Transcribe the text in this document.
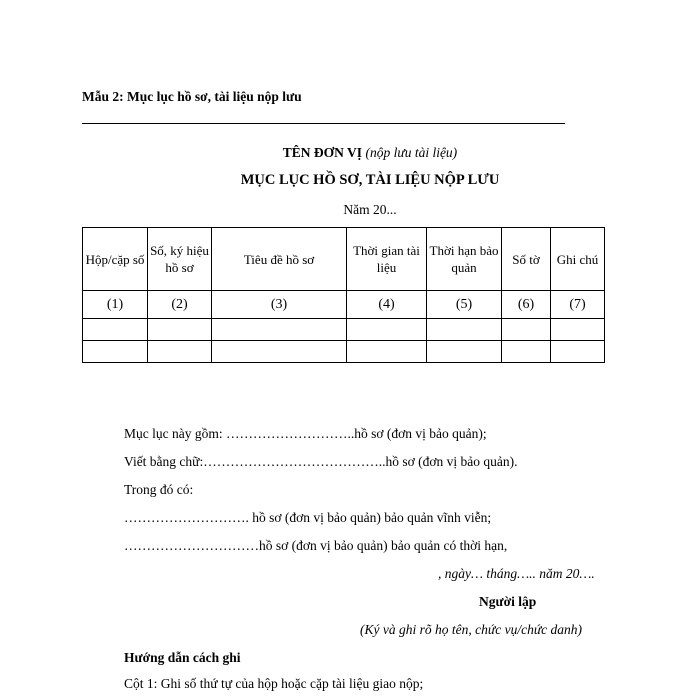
Mẫu 2: Mục lục hồ sơ, tài liệu nộp lưu
TÊN ĐƠN VỊ (nộp lưu tài liệu)
MỤC LỤC HỒ SƠ, TÀI LIỆU NỘP LƯU
Năm 20...
Hộp/cặp số	Số, ký hiệu hồ sơ	Tiêu đề hồ sơ	Thời gian tài liệu	Thời hạn bảo quản	Số tờ	Ghi chú
(1)	(2)	(3)	(4)	(5)	(6)	(7)

Mục lục này gồm: ………………………..hồ sơ (đơn vị bảo quản);
Viết bằng chữ:…………………………………..hồ sơ (đơn vị bảo quản).
Trong đó có:
………………………. hồ sơ (đơn vị bảo quản) bảo quản vĩnh viễn;
…………………………hồ sơ (đơn vị bảo quản) bảo quản có thời hạn,
, ngày… tháng….. năm 20….
Người lập
(Ký và ghi rõ họ tên, chức vụ/chức danh)
Hướng dẫn cách ghi
Cột 1: Ghi số thứ tự của hộp hoặc cặp tài liệu giao nộp;
